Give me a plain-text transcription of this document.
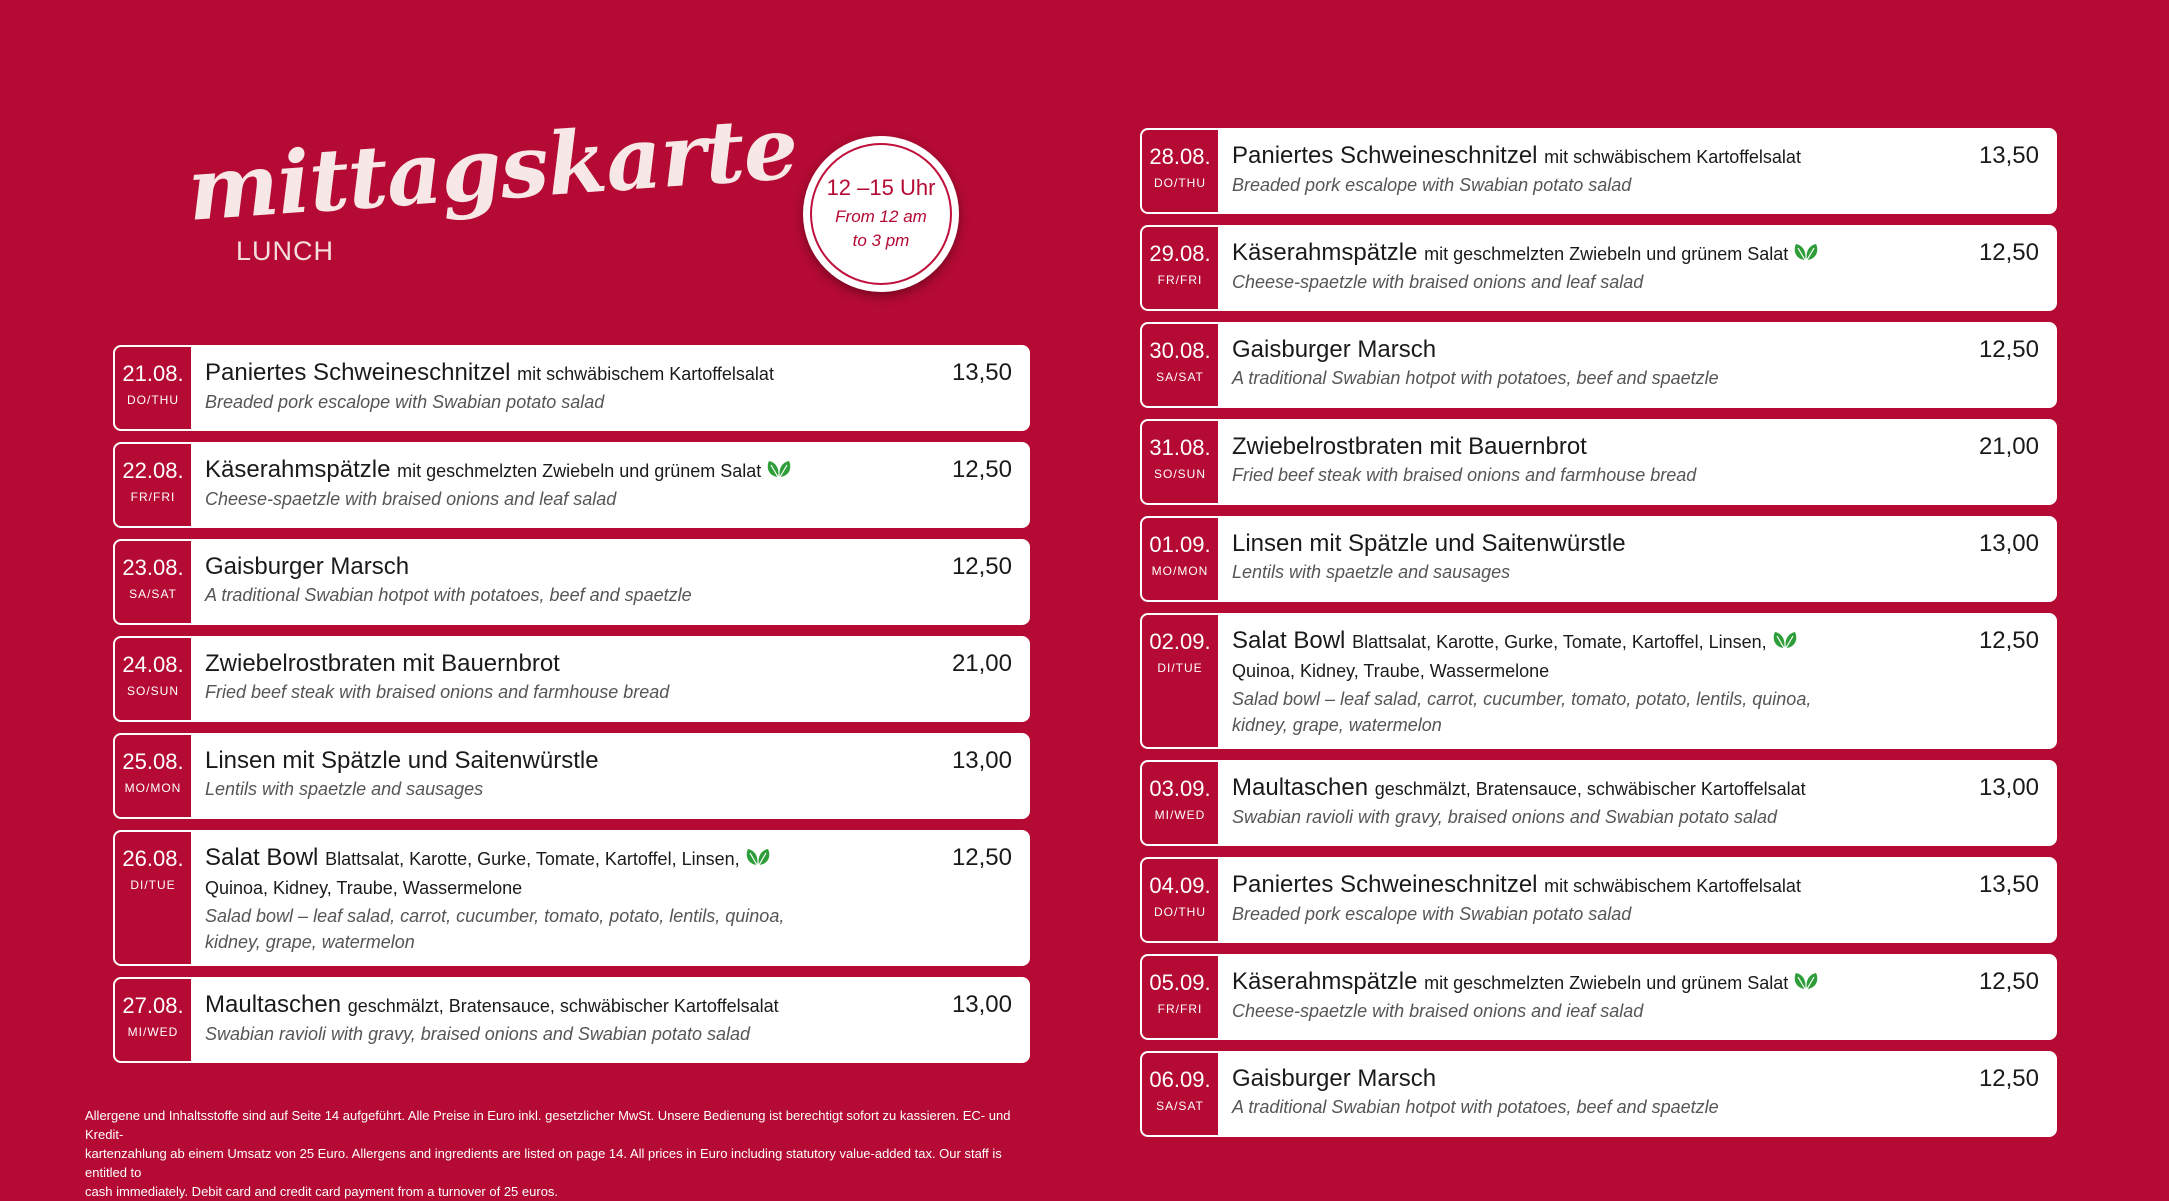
mittagskarte
LUNCH
12 –15 Uhr
From 12 am
to 3 pm
21.08.
DO/THU
Paniertes Schweineschnitzel mit schwäbischem Kartoffelsalat
Breaded pork escalope with Swabian potato salad
13,50
22.08.
FR/FRI
Käserahmspätzle mit geschmelzten Zwiebeln und grünem Salat
Cheese-spaetzle with braised onions and leaf salad
12,50
23.08.
SA/SAT
Gaisburger Marsch
A traditional Swabian hotpot with potatoes, beef and spaetzle
12,50
24.08.
SO/SUN
Zwiebelrostbraten mit Bauernbrot
Fried beef steak with braised onions and farmhouse bread
21,00
25.08.
MO/MON
Linsen mit Spätzle und Saitenwürstle
Lentils with spaetzle and sausages
13,00
26.08.
DI/TUE
Salat Bowl Blattsalat, Karotte, Gurke, Tomate, Kartoffel, Linsen,
Quinoa, Kidney, Traube, Wassermelone
Salad bowl – leaf salad, carrot, cucumber, tomato, potato, lentils, quinoa,
kidney, grape, watermelon
12,50
27.08.
MI/WED
Maultaschen geschmälzt, Bratensauce, schwäbischer Kartoffelsalat
Swabian ravioli with gravy, braised onions and Swabian potato salad
13,00
28.08.
DO/THU
Paniertes Schweineschnitzel mit schwäbischem Kartoffelsalat
Breaded pork escalope with Swabian potato salad
13,50
29.08.
FR/FRI
Käserahmspätzle mit geschmelzten Zwiebeln und grünem Salat
Cheese-spaetzle with braised onions and leaf salad
12,50
30.08.
SA/SAT
Gaisburger Marsch
A traditional Swabian hotpot with potatoes, beef and spaetzle
12,50
31.08.
SO/SUN
Zwiebelrostbraten mit Bauernbrot
Fried beef steak with braised onions and farmhouse bread
21,00
01.09.
MO/MON
Linsen mit Spätzle und Saitenwürstle
Lentils with spaetzle and sausages
13,00
02.09.
DI/TUE
Salat Bowl Blattsalat, Karotte, Gurke, Tomate, Kartoffel, Linsen,
Quinoa, Kidney, Traube, Wassermelone
Salad bowl – leaf salad, carrot, cucumber, tomato, potato, lentils, quinoa,
kidney, grape, watermelon
12,50
03.09.
MI/WED
Maultaschen geschmälzt, Bratensauce, schwäbischer Kartoffelsalat
Swabian ravioli with gravy, braised onions and Swabian potato salad
13,00
04.09.
DO/THU
Paniertes Schweineschnitzel mit schwäbischem Kartoffelsalat
Breaded pork escalope with Swabian potato salad
13,50
05.09.
FR/FRI
Käserahmspätzle mit geschmelzten Zwiebeln und grünem Salat
Cheese-spaetzle with braised onions and ieaf salad
12,50
06.09.
SA/SAT
Gaisburger Marsch
A traditional Swabian hotpot with potatoes, beef and spaetzle
12,50
Allergene und Inhaltsstoffe sind auf Seite 14 aufgeführt. Alle Preise in Euro inkl. gesetzlicher MwSt. Unsere Bedienung ist berechtigt sofort zu kassieren. EC- und Kredit-
kartenzahlung ab einem Umsatz von 25 Euro. Allergens and ingredients are listed on page 14. All prices in Euro including statutory value-added tax. Our staff is entitled to
cash immediately. Debit card and credit card payment from a turnover of 25 euros.
